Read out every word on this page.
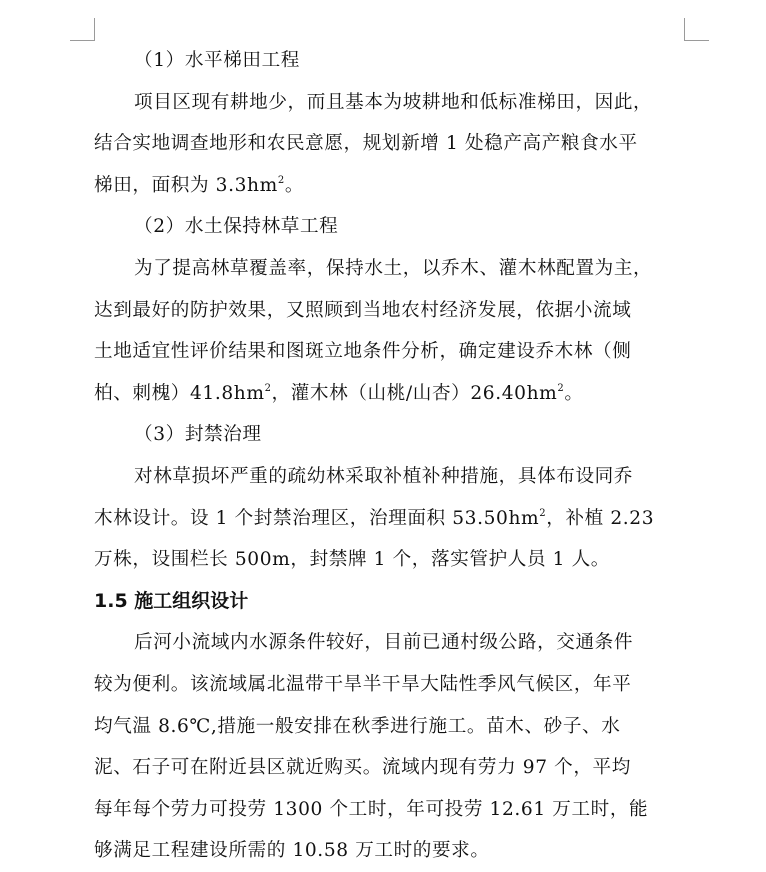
（1）水平梯田工程

项目区现有耕地少，而且基本为坡耕地和低标准梯田，因此，

结合实地调查地形和农民意愿，规划新增 1 处稳产高产粮食水平

梯田，面积为 $3.3hm^2$。

（2）水土保持林草工程

为了提高林草覆盖率，保持水土，以乔木、灌木林配置为主，

达到最好的防护效果，又照顾到当地农村经济发展，依据小流域

土地适宜性评价结果和图斑立地条件分析，确定建设乔木林（侧

柏、刺槐）$41.8hm^2$，灌木林（山桃/山杏）$26.40hm^2$。

（3）封禁治理

对林草损坏严重的疏幼林采取补植补种措施，具体布设同乔

木林设计。设 1 个封禁治理区，治理面积 $53.50hm^2$，补植 2.23

万株，设围栏长 500m，封禁牌 1 个，落实管护人员 1 人。

1.5 施工组织设计

后河小流域内水源条件较好，目前已通村级公路，交通条件

较为便利。该流域属北温带干旱半干旱大陆性季风气候区，年平

均气温 8.6℃,措施一般安排在秋季进行施工。苗木、砂子、水

泥、石子可在附近县区就近购买。流域内现有劳力 97 个，平均

每年每个劳力可投劳 1300 个工时，年可投劳 12.61 万工时，能

够满足工程建设所需的 10.58 万工时的要求。
